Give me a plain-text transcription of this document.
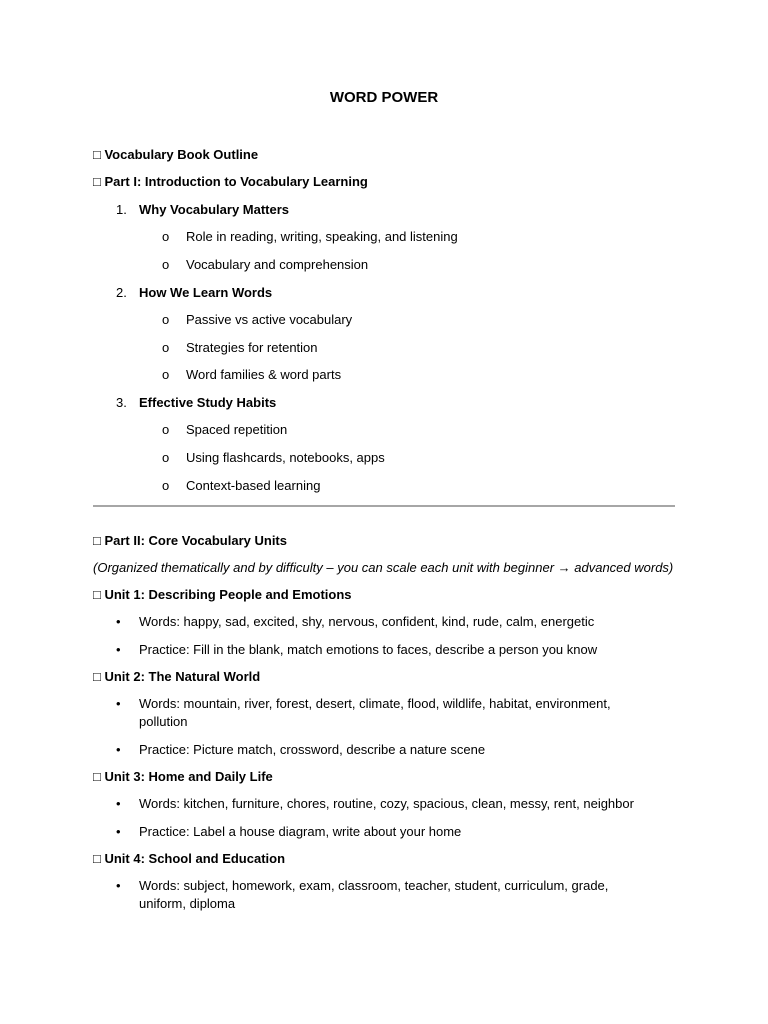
WORD POWER
□ Vocabulary Book Outline
□ Part I: Introduction to Vocabulary Learning
1. Why Vocabulary Matters
o Role in reading, writing, speaking, and listening
o Vocabulary and comprehension
2. How We Learn Words
o Passive vs active vocabulary
o Strategies for retention
o Word families & word parts
3. Effective Study Habits
o Spaced repetition
o Using flashcards, notebooks, apps
o Context-based learning
□ Part II: Core Vocabulary Units
(Organized thematically and by difficulty – you can scale each unit with beginner → advanced words)
□ Unit 1: Describing People and Emotions
• Words: happy, sad, excited, shy, nervous, confident, kind, rude, calm, energetic
• Practice: Fill in the blank, match emotions to faces, describe a person you know
□ Unit 2: The Natural World
• Words: mountain, river, forest, desert, climate, flood, wildlife, habitat, environment, pollution
• Practice: Picture match, crossword, describe a nature scene
□ Unit 3: Home and Daily Life
• Words: kitchen, furniture, chores, routine, cozy, spacious, clean, messy, rent, neighbor
• Practice: Label a house diagram, write about your home
□ Unit 4: School and Education
• Words: subject, homework, exam, classroom, teacher, student, curriculum, grade, uniform, diploma
